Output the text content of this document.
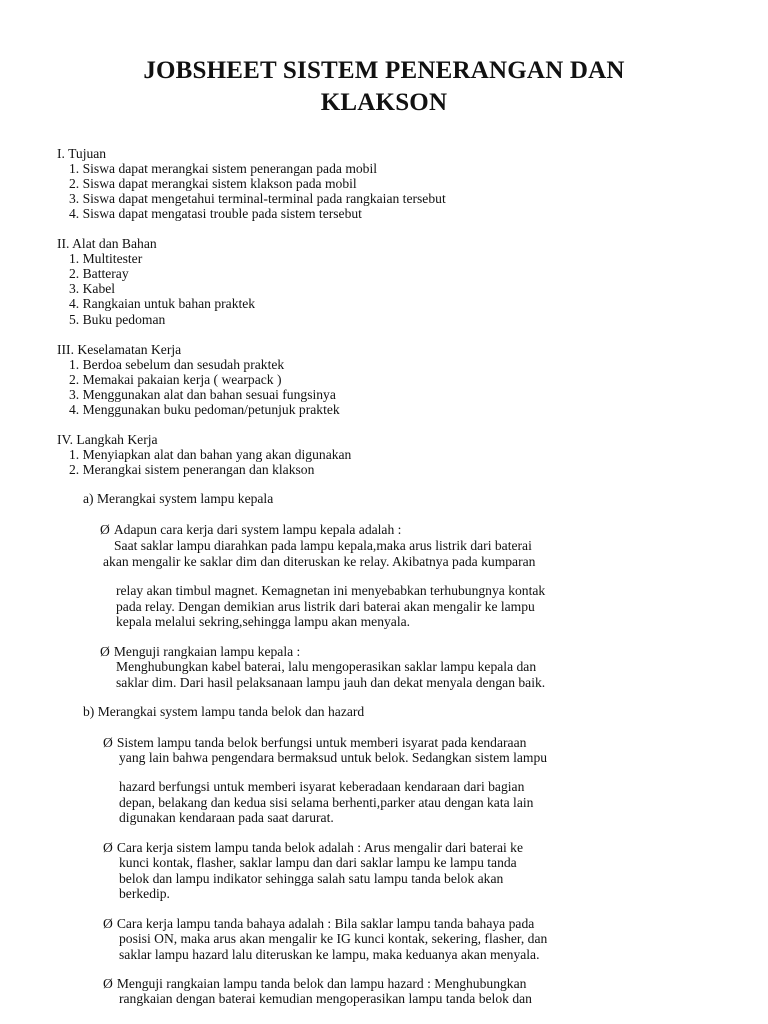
JOBSHEET SISTEM PENERANGAN DAN
KLAKSON
I. Tujuan
1. Siswa dapat merangkai sistem penerangan pada mobil
2. Siswa dapat merangkai sistem klakson pada mobil
3. Siswa dapat mengetahui terminal-terminal pada rangkaian tersebut
4. Siswa dapat mengatasi trouble pada sistem tersebut
II. Alat dan Bahan
1. Multitester
2. Batteray
3. Kabel
4. Rangkaian untuk bahan praktek
5. Buku pedoman
III. Keselamatan Kerja
1. Berdoa sebelum dan sesudah praktek
2. Memakai pakaian kerja ( wearpack )
3. Menggunakan alat dan bahan sesuai fungsinya
4. Menggunakan buku pedoman/petunjuk praktek
IV. Langkah Kerja
1. Menyiapkan alat dan bahan yang akan digunakan
2. Merangkai sistem penerangan dan klakson
a) Merangkai system lampu kepala
Ø Adapun cara kerja dari system lampu kepala adalah :
Saat saklar lampu diarahkan pada lampu kepala,maka arus listrik dari baterai
akan mengalir ke saklar dim dan diteruskan ke relay. Akibatnya pada kumparan
relay akan timbul magnet. Kemagnetan ini menyebabkan terhubungnya kontak
pada relay. Dengan demikian arus listrik dari baterai akan mengalir ke lampu
kepala melalui sekring,sehingga lampu akan menyala.
Ø Menguji rangkaian lampu kepala :
Menghubungkan kabel baterai, lalu mengoperasikan saklar lampu kepala dan
saklar dim. Dari hasil pelaksanaan lampu jauh dan dekat menyala dengan baik.
b) Merangkai system lampu tanda belok dan hazard
Ø Sistem lampu tanda belok berfungsi untuk memberi isyarat pada kendaraan
yang lain bahwa pengendara bermaksud untuk belok. Sedangkan sistem lampu
hazard berfungsi untuk memberi isyarat keberadaan kendaraan dari bagian
depan, belakang dan kedua sisi selama berhenti,parker atau dengan kata lain
digunakan kendaraan pada saat darurat.
Ø Cara kerja sistem lampu tanda belok adalah : Arus mengalir dari baterai ke
kunci kontak, flasher, saklar lampu dan dari saklar lampu ke lampu tanda
belok dan lampu indikator sehingga salah satu lampu tanda belok akan
berkedip.
Ø Cara kerja lampu tanda bahaya adalah : Bila saklar lampu tanda bahaya pada
posisi ON, maka arus akan mengalir ke IG kunci kontak, sekering, flasher, dan
saklar lampu hazard lalu diteruskan ke lampu, maka keduanya akan menyala.
Ø Menguji rangkaian lampu tanda belok dan lampu hazard : Menghubungkan
rangkaian dengan baterai kemudian mengoperasikan lampu tanda belok dan
